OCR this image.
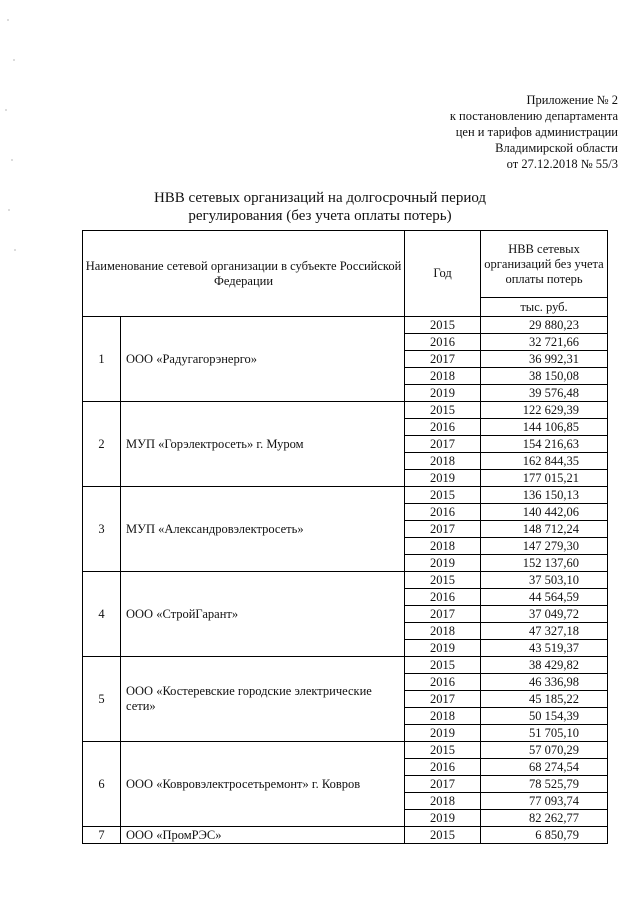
Приложение № 2
к постановлению департамента
цен и тарифов администрации
Владимирской области
от 27.12.2018 № 55/3
НВВ сетевых организаций на долгосрочный период
регулирования (без учета оплаты потерь)
Наименование сетевой организации в субъекте Российской Федерации		Год	НВВ сетевых организаций без учета оплаты потерь
			тыс. руб.
1	ООО «Радугагорэнерго»	2015	29 880,23
		2016	32 721,66
		2017	36 992,31
		2018	38 150,08
		2019	39 576,48
2	МУП «Горэлектросеть» г. Муром	2015	122 629,39
		2016	144 106,85
		2017	154 216,63
		2018	162 844,35
		2019	177 015,21
3	МУП «Александровэлектросеть»	2015	136 150,13
		2016	140 442,06
		2017	148 712,24
		2018	147 279,30
		2019	152 137,60
4	ООО «СтройГарант»	2015	37 503,10
		2016	44 564,59
		2017	37 049,72
		2018	47 327,18
		2019	43 519,37
5	ООО «Костеревские городские электрические сети»	2015	38 429,82
		2016	46 336,98
		2017	45 185,22
		2018	50 154,39
		2019	51 705,10
6	ООО «Ковровэлектросетьремонт» г. Ковров	2015	57 070,29
		2016	68 274,54
		2017	78 525,79
		2018	77 093,74
		2019	82 262,77
7	ООО «ПромРЭС»	2015	6 850,79
